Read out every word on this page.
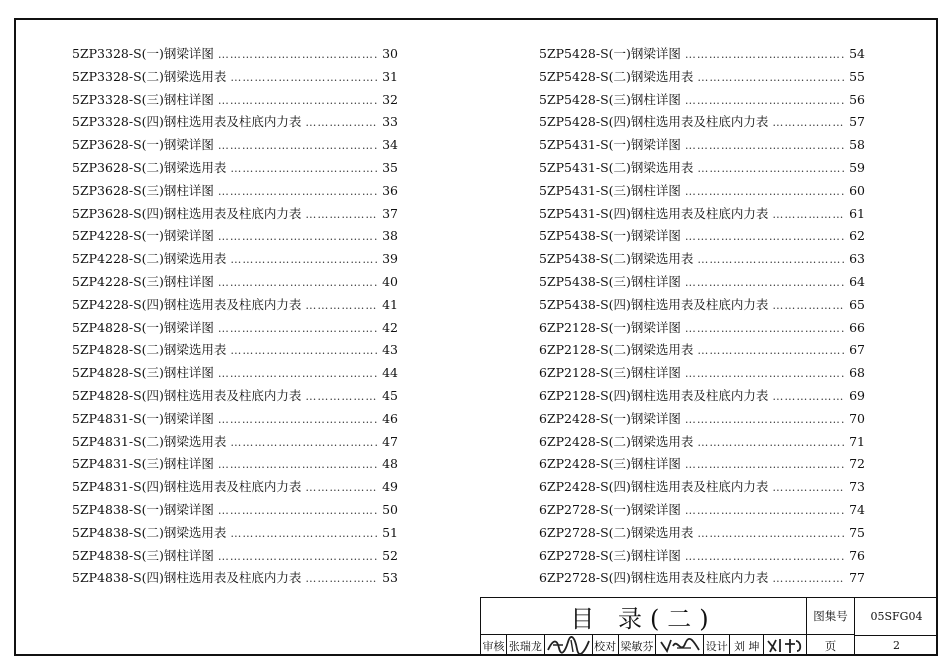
5ZP3328-S(一)钢梁详图 ………………………………………………………………………………………………………………………	30
5ZP3328-S(二)钢梁选用表 ………………………………………………………………………………………………………………………	31
5ZP3328-S(三)钢柱详图 ………………………………………………………………………………………………………………………	32
5ZP3328-S(四)钢柱选用表及柱底内力表 ………………………………………………………………………………………………………………………	33
5ZP3628-S(一)钢梁详图 ………………………………………………………………………………………………………………………	34
5ZP3628-S(二)钢梁选用表 ………………………………………………………………………………………………………………………	35
5ZP3628-S(三)钢柱详图 ………………………………………………………………………………………………………………………	36
5ZP3628-S(四)钢柱选用表及柱底内力表 ………………………………………………………………………………………………………………………	37
5ZP4228-S(一)钢梁详图 ………………………………………………………………………………………………………………………	38
5ZP4228-S(二)钢梁选用表 ………………………………………………………………………………………………………………………	39
5ZP4228-S(三)钢柱详图 ………………………………………………………………………………………………………………………	40
5ZP4228-S(四)钢柱选用表及柱底内力表 ………………………………………………………………………………………………………………………	41
5ZP4828-S(一)钢梁详图 ………………………………………………………………………………………………………………………	42
5ZP4828-S(二)钢梁选用表 ………………………………………………………………………………………………………………………	43
5ZP4828-S(三)钢柱详图 ………………………………………………………………………………………………………………………	44
5ZP4828-S(四)钢柱选用表及柱底内力表 ………………………………………………………………………………………………………………………	45
5ZP4831-S(一)钢梁详图 ………………………………………………………………………………………………………………………	46
5ZP4831-S(二)钢梁选用表 ………………………………………………………………………………………………………………………	47
5ZP4831-S(三)钢柱详图 ………………………………………………………………………………………………………………………	48
5ZP4831-S(四)钢柱选用表及柱底内力表 ………………………………………………………………………………………………………………………	49
5ZP4838-S(一)钢梁详图 ………………………………………………………………………………………………………………………	50
5ZP4838-S(二)钢梁选用表 ………………………………………………………………………………………………………………………	51
5ZP4838-S(三)钢柱详图 ………………………………………………………………………………………………………………………	52
5ZP4838-S(四)钢柱选用表及柱底内力表 ………………………………………………………………………………………………………………………	53
5ZP5428-S(一)钢梁详图 ………………………………………………………………………………………………………………………	54
5ZP5428-S(二)钢梁选用表 ………………………………………………………………………………………………………………………	55
5ZP5428-S(三)钢柱详图 ………………………………………………………………………………………………………………………	56
5ZP5428-S(四)钢柱选用表及柱底内力表 ………………………………………………………………………………………………………………………	57
5ZP5431-S(一)钢梁详图 ………………………………………………………………………………………………………………………	58
5ZP5431-S(二)钢梁选用表 ………………………………………………………………………………………………………………………	59
5ZP5431-S(三)钢柱详图 ………………………………………………………………………………………………………………………	60
5ZP5431-S(四)钢柱选用表及柱底内力表 ………………………………………………………………………………………………………………………	61
5ZP5438-S(一)钢梁详图 ………………………………………………………………………………………………………………………	62
5ZP5438-S(二)钢梁选用表 ………………………………………………………………………………………………………………………	63
5ZP5438-S(三)钢柱详图 ………………………………………………………………………………………………………………………	64
5ZP5438-S(四)钢柱选用表及柱底内力表 ………………………………………………………………………………………………………………………	65
6ZP2128-S(一)钢梁详图 ………………………………………………………………………………………………………………………	66
6ZP2128-S(二)钢梁选用表 ………………………………………………………………………………………………………………………	67
6ZP2128-S(三)钢柱详图 ………………………………………………………………………………………………………………………	68
6ZP2128-S(四)钢柱选用表及柱底内力表 ………………………………………………………………………………………………………………………	69
6ZP2428-S(一)钢梁详图 ………………………………………………………………………………………………………………………	70
6ZP2428-S(二)钢梁选用表 ………………………………………………………………………………………………………………………	71
6ZP2428-S(三)钢柱详图 ………………………………………………………………………………………………………………………	72
6ZP2428-S(四)钢柱选用表及柱底内力表 ………………………………………………………………………………………………………………………	73
6ZP2728-S(一)钢梁详图 ………………………………………………………………………………………………………………………	74
6ZP2728-S(二)钢梁选用表 ………………………………………………………………………………………………………………………	75
6ZP2728-S(三)钢柱详图 ………………………………………………………………………………………………………………………	76
6ZP2728-S(四)钢柱选用表及柱底内力表 ………………………………………………………………………………………………………………………	77
目 录(二)	图集号	05SFG04
页	2
审核 张瑞龙	校对 梁敏芬	设计 刘 坤
